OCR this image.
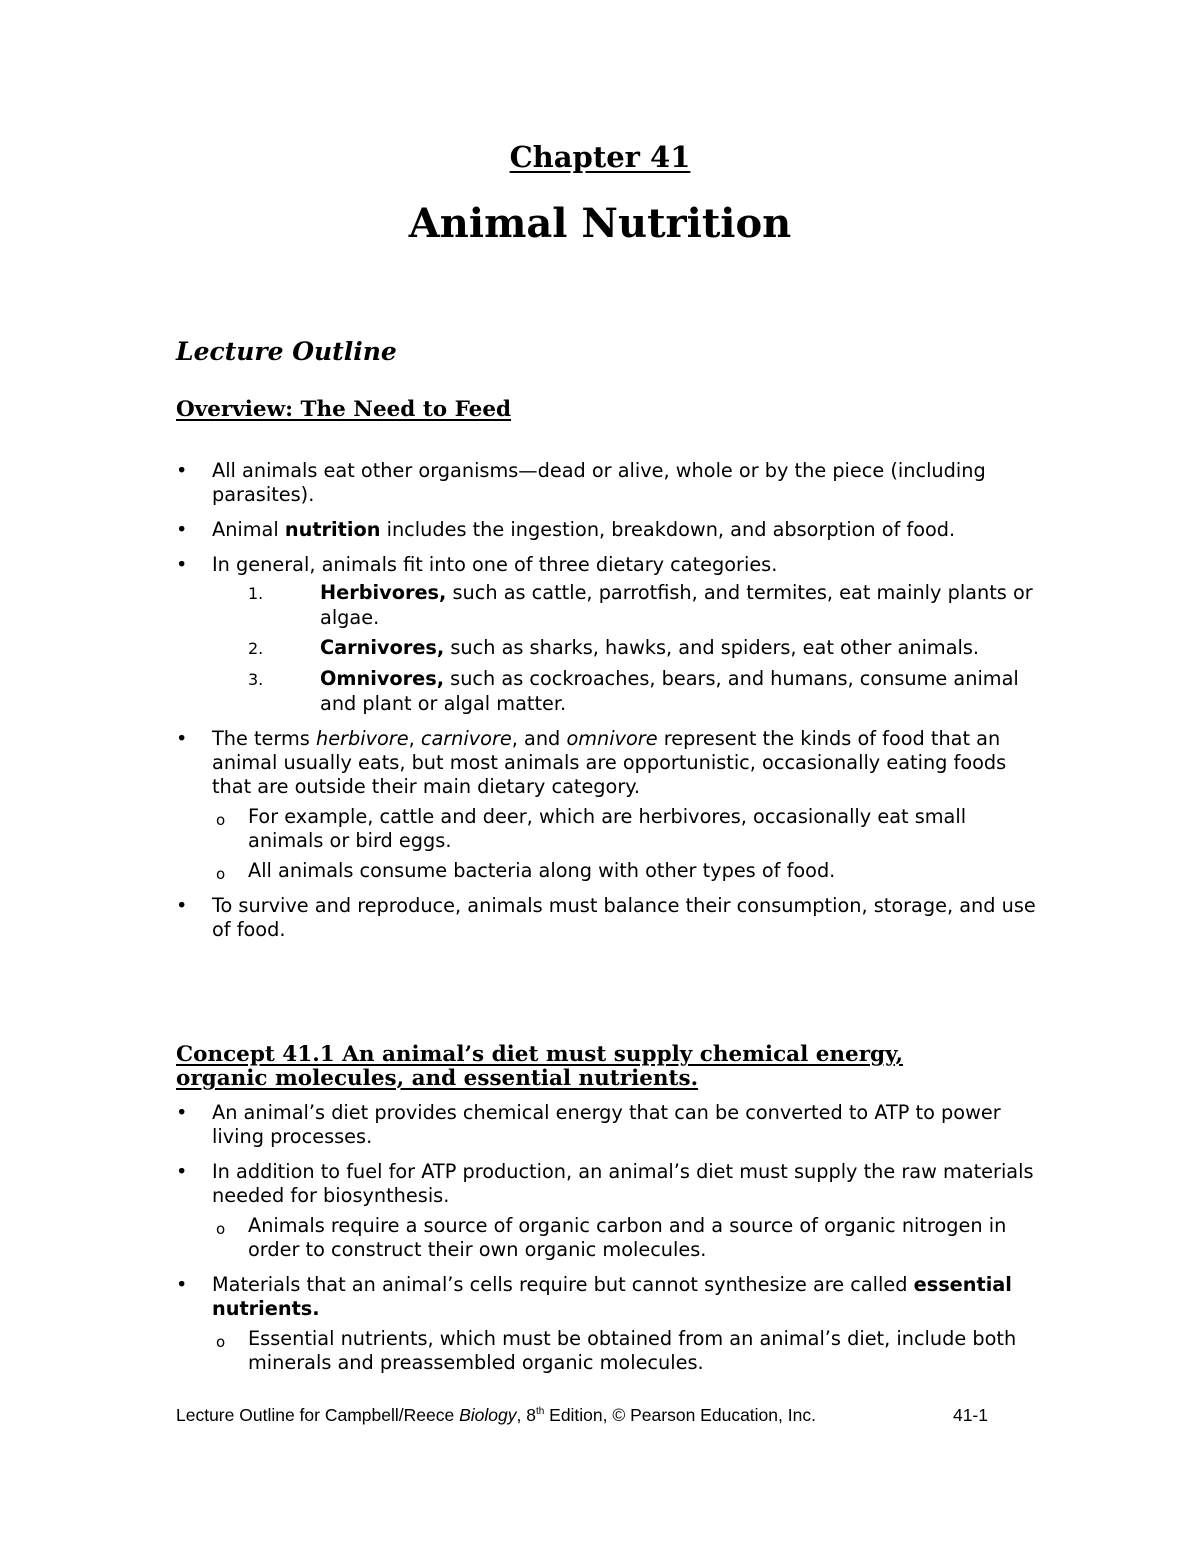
Chapter 41
Animal Nutrition
Lecture Outline
Overview: The Need to Feed
• All animals eat other organisms—dead or alive, whole or by the piece (including parasites).
• Animal nutrition includes the ingestion, breakdown, and absorption of food.
• In general, animals fit into one of three dietary categories.
1.	Herbivores, such as cattle, parrotfish, and termites, eat mainly plants or algae.
2.	Carnivores, such as sharks, hawks, and spiders, eat other animals.
3.	Omnivores, such as cockroaches, bears, and humans, consume animal and plant or algal matter.
• The terms herbivore, carnivore, and omnivore represent the kinds of food that an animal usually eats, but most animals are opportunistic, occasionally eating foods that are outside their main dietary category.
o For example, cattle and deer, which are herbivores, occasionally eat small animals or bird eggs.
o All animals consume bacteria along with other types of food.
• To survive and reproduce, animals must balance their consumption, storage, and use of food.
Concept 41.1 An animal’s diet must supply chemical energy, organic molecules, and essential nutrients.
• An animal’s diet provides chemical energy that can be converted to ATP to power living processes.
• In addition to fuel for ATP production, an animal’s diet must supply the raw materials needed for biosynthesis.
o Animals require a source of organic carbon and a source of organic nitrogen in order to construct their own organic molecules.
• Materials that an animal’s cells require but cannot synthesize are called essential nutrients.
o Essential nutrients, which must be obtained from an animal’s diet, include both minerals and preassembled organic molecules.
Lecture Outline for Campbell/Reece Biology, 8th Edition, © Pearson Education, Inc.	41-1
